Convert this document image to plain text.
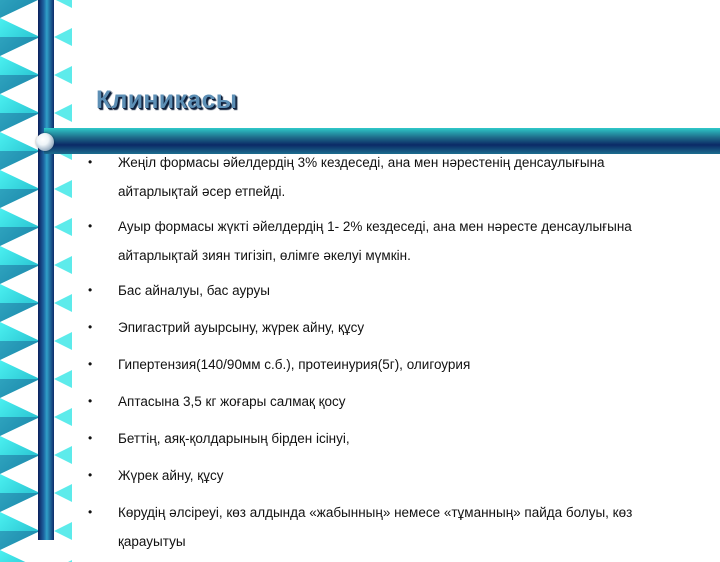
Клиникасы
• Жеңіл формасы әйелдердің 3% кездеседі, ана мен нәрестенің денсаулығына айтарлықтай әсер етпейді.
• Ауыр формасы жүкті әйелдердің 1- 2% кездеседі, ана мен нәресте денсаулығына айтарлықтай зиян тигізіп, өлімге әкелуі мүмкін.
• Бас айналуы, бас ауруы
• Эпигастрий ауырсыну, жүрек айну, құсу
• Гипертензия(140/90мм с.б.), протеинурия(5г), олигоурия
• Аптасына 3,5 кг жоғары салмақ қосу
• Беттің, аяқ-қолдарының бірден ісінуі,
• Жүрек айну, құсу
• Көрудің әлсіреуі, көз алдында «жабынның» немесе «тұманның» пайда болуы, көз қарауытуы
